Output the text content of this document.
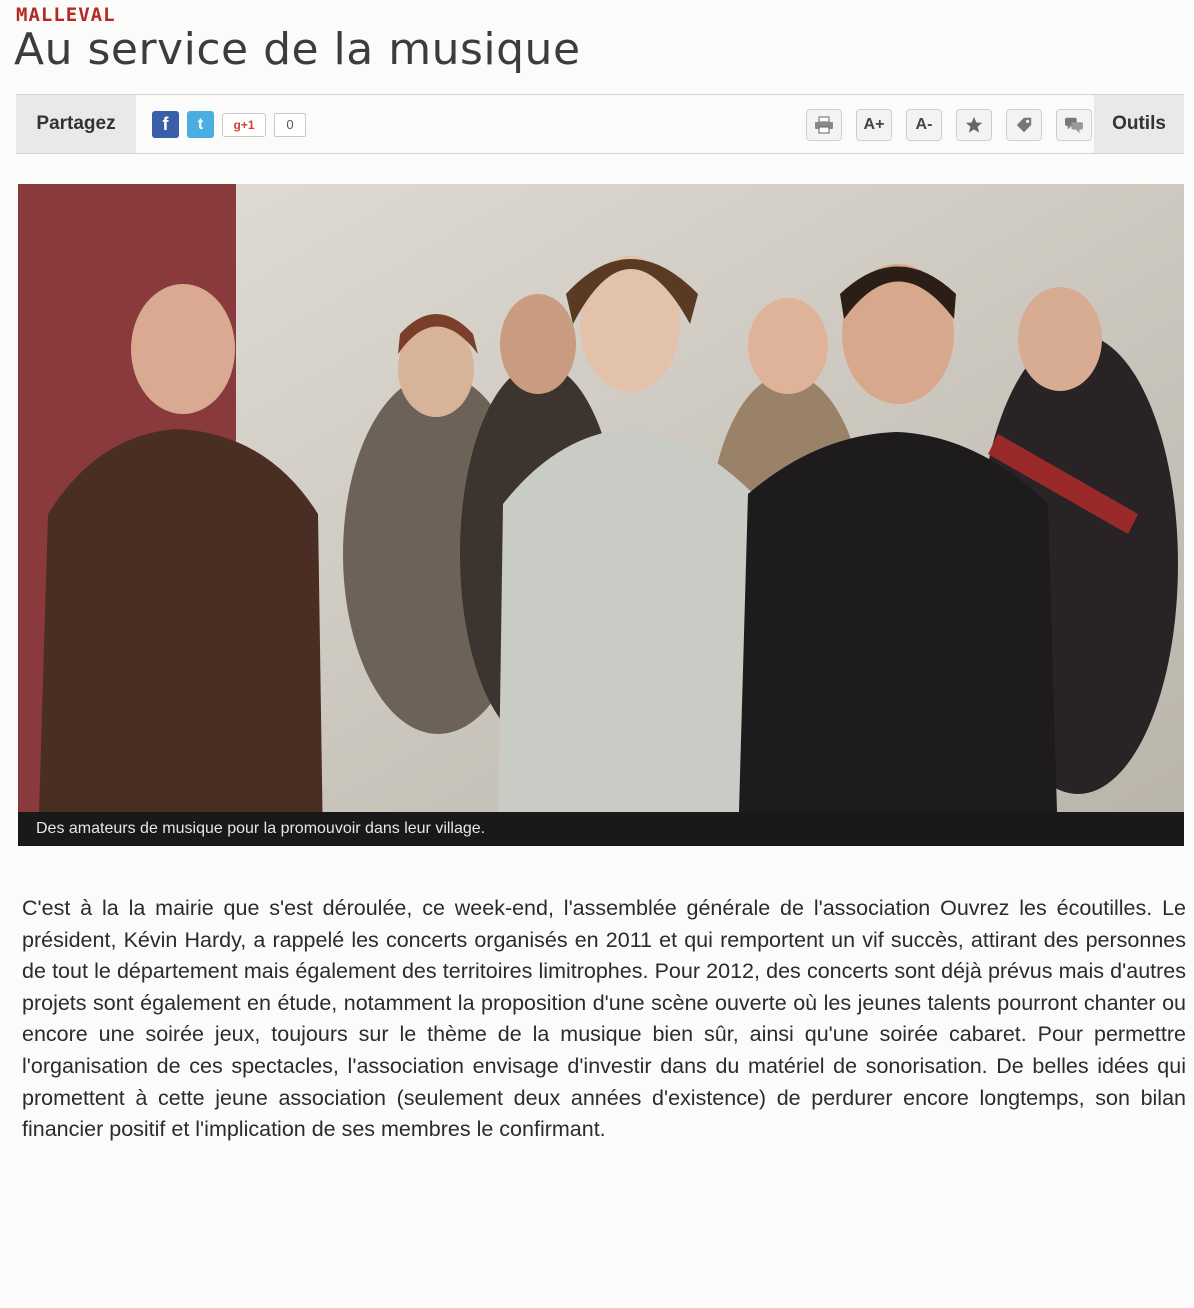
MALLEVAL
Au service de la musique
Partagez	f	t	g+1	0	A+ A-	Outils
Des amateurs de musique pour la promouvoir dans leur village.

C'est à la la mairie que s'est déroulée, ce week-end, l'assemblée générale de l'association Ouvrez les écoutilles. Le président, Kévin Hardy, a rappelé les concerts organisés en 2011 et qui remportent un vif succès, attirant des personnes de tout le département mais également des territoires limitrophes. Pour 2012, des concerts sont déjà prévus mais d'autres projets sont également en étude, notamment la proposition d'une scène ouverte où les jeunes talents pourront chanter ou encore une soirée jeux, toujours sur le thème de la musique bien sûr, ainsi qu'une soirée cabaret. Pour permettre l'organisation de ces spectacles, l'association envisage d'investir dans du matériel de sonorisation. De belles idées qui promettent à cette jeune association (seulement deux années d'existence) de perdurer encore longtemps, son bilan financier positif et l'implication de ses membres le confirmant.
